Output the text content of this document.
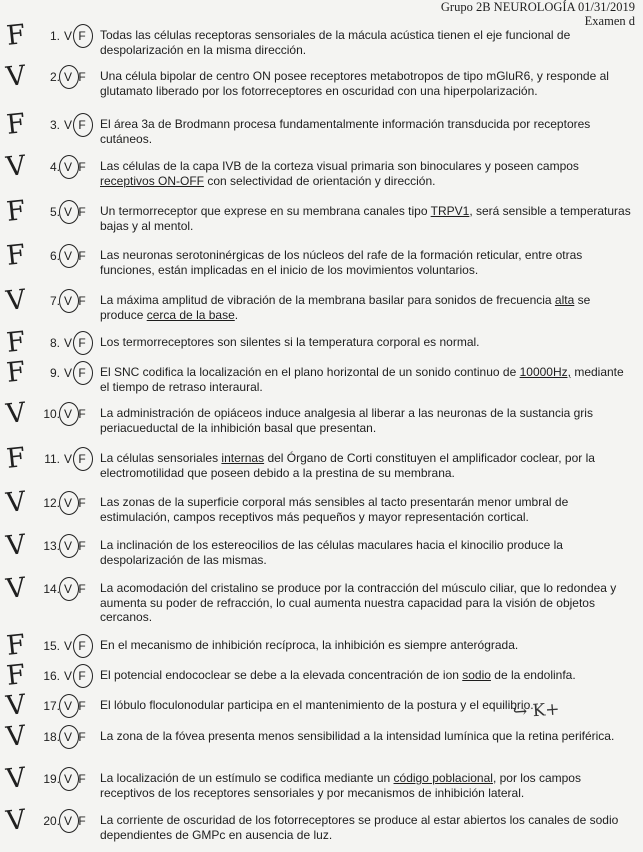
Grupo 2B NEUROLOGÍA 01/31/2019
Examen d
F	1. V F Todas las células receptoras sensoriales de la mácula acústica tienen el eje funcional de despolarización en la misma dirección.
V	2. V F Una célula bipolar de centro ON posee receptores metabotropos de tipo mGluR6, y responde al glutamato liberado por los fotorreceptores en oscuridad con una hiperpolarización.
F	3. V F El área 3a de Brodmann procesa fundamentalmente información transducida por receptores cutáneos.
V	4. V F Las células de la capa IVB de la corteza visual primaria son binoculares y poseen campos receptivos ON-OFF con selectividad de orientación y dirección.
F	5. V F Un termorreceptor que exprese en su membrana canales tipo TRPV1, será sensible a temperaturas bajas y al mentol.
F	6. V F Las neuronas serotoninérgicas de los núcleos del rafe de la formación reticular, entre otras funciones, están implicadas en el inicio de los movimientos voluntarios.
V	7. V F La máxima amplitud de vibración de la membrana basilar para sonidos de frecuencia alta se produce cerca de la base.
F	8. V F Los termorreceptores son silentes si la temperatura corporal es normal.
F	9. V F El SNC codifica la localización en el plano horizontal de un sonido continuo de 10000Hz, mediante el tiempo de retraso interaural.
V	10. V F La administración de opiáceos induce analgesia al liberar a las neuronas de la sustancia gris periacueductal de la inhibición basal que presentan.
F	11. V F La células sensoriales internas del Órgano de Corti constituyen el amplificador coclear, por la electromotilidad que poseen debido a la prestina de su membrana.
V	12. V F Las zonas de la superficie corporal más sensibles al tacto presentarán menor umbral de estimulación, campos receptivos más pequeños y mayor representación cortical.
V	13. V F La inclinación de los estereocilios de las células maculares hacia el kinocilio produce la despolarización de las mismas.
V	14. V F La acomodación del cristalino se produce por la contracción del músculo ciliar, que lo redondea y aumenta su poder de refracción, lo cual aumenta nuestra capacidad para la visión de objetos cercanos.
F	15. V F En el mecanismo de inhibición recíproca, la inhibición es siempre anterógrada.
F	16. V F El potencial endococlear se debe a la elevada concentración de ion sodio de la endolinfa.
V	17. V F El lóbulo floculonodular participa en el mantenimiento de la postura y el equilibrio.
V	18. V F La zona de la fóvea presenta menos sensibilidad a la intensidad lumínica que la retina periférica.
V	19. V F La localización de un estímulo se codifica mediante un código poblacional, por los campos receptivos de los receptores sensoriales y por mecanismos de inhibición lateral.
V	20. V F La corriente de oscuridad de los fotorreceptores se produce al estar abiertos los canales de sodio dependientes de GMPc en ausencia de luz.
↪ K+
